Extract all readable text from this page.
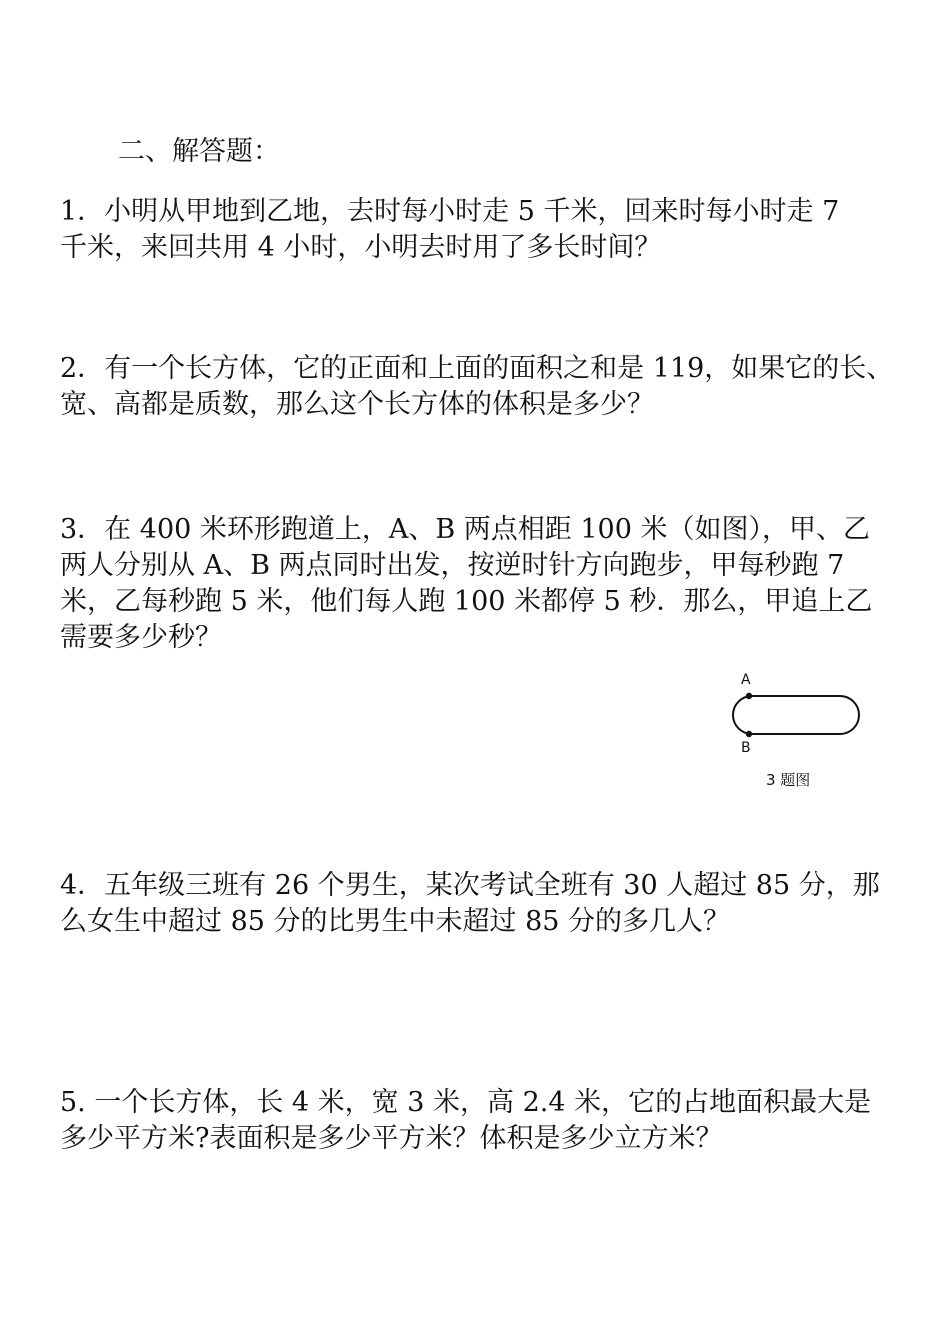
二、解答题：
1．小明从甲地到乙地，去时每小时走 5 千米，回来时每小时走 7
千米，来回共用 4 小时，小明去时用了多长时间？
2．有一个长方体，它的正面和上面的面积之和是 119，如果它的长、
宽、高都是质数，那么这个长方体的体积是多少？
3．在 400 米环形跑道上，A、B 两点相距 100 米（如图），甲、乙
两人分别从 A、B 两点同时出发，按逆时针方向跑步，甲每秒跑 7
米，乙每秒跑 5 米，他们每人跑 100 米都停 5 秒．那么，甲追上乙
需要多少秒？
A
B
3 题图
4．五年级三班有 26 个男生，某次考试全班有 30 人超过 85 分，那
么女生中超过 85 分的比男生中未超过 85 分的多几人？
5. 一个长方体，长 4 米，宽 3 米，高 2.4 米，它的占地面积最大是
多少平方米?表面积是多少平方米？体积是多少立方米？
